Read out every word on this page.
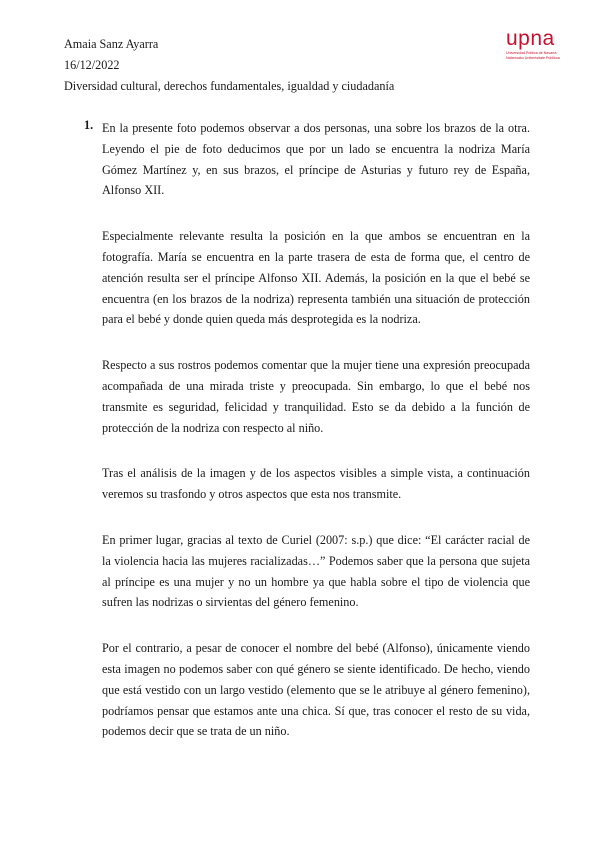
Amaia Sanz Ayarra
16/12/2022
Diversidad cultural, derechos fundamentales, igualdad y ciudadanía
upna
Universidad Pública de Navarra
Nafarroako Unibertsitate Publikoa
1. En la presente foto podemos observar a dos personas, una sobre los brazos de la otra. Leyendo el pie de foto deducimos que por un lado se encuentra la nodriza María Gómez Martínez y, en sus brazos, el príncipe de Asturias y futuro rey de España, Alfonso XII.

Especialmente relevante resulta la posición en la que ambos se encuentran en la fotografía. María se encuentra en la parte trasera de esta de forma que, el centro de atención resulta ser el príncipe Alfonso XII. Además, la posición en la que el bebé se encuentra (en los brazos de la nodriza) representa también una situación de protección para el bebé y donde quien queda más desprotegida es la nodriza.

Respecto a sus rostros podemos comentar que la mujer tiene una expresión preocupada acompañada de una mirada triste y preocupada. Sin embargo, lo que el bebé nos transmite es seguridad, felicidad y tranquilidad. Esto se da debido a la función de protección de la nodriza con respecto al niño.

Tras el análisis de la imagen y de los aspectos visibles a simple vista, a continuación veremos su trasfondo y otros aspectos que esta nos transmite.

En primer lugar, gracias al texto de Curiel (2007: s.p.) que dice: “El carácter racial de la violencia hacia las mujeres racializadas…” Podemos saber que la persona que sujeta al príncipe es una mujer y no un hombre ya que habla sobre el tipo de violencia que sufren las nodrizas o sirvientas del género femenino.

Por el contrario, a pesar de conocer el nombre del bebé (Alfonso), únicamente viendo esta imagen no podemos saber con qué género se siente identificado. De hecho, viendo que está vestido con un largo vestido (elemento que se le atribuye al género femenino), podríamos pensar que estamos ante una chica. Sí que, tras conocer el resto de su vida, podemos decir que se trata de un niño.
